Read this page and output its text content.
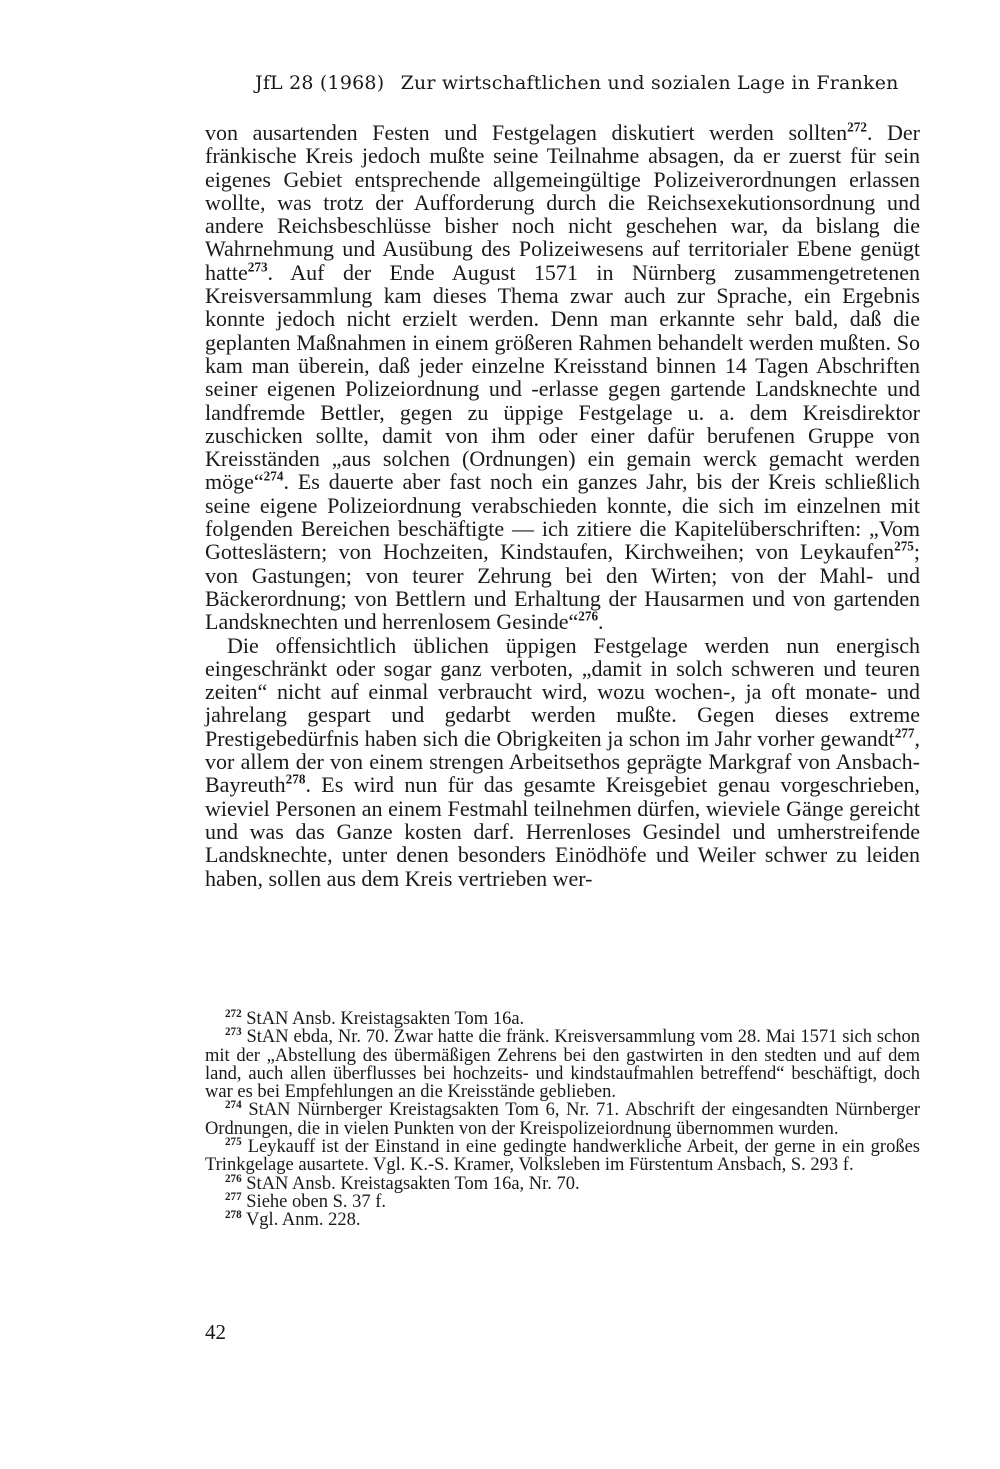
JfL 28 (1968) Zur wirtschaftlichen und sozialen Lage in Franken

von ausartenden Festen und Festgelagen diskutiert werden sollten$^{272}$. Der fränkische Kreis jedoch mußte seine Teilnahme absagen, da er zuerst für sein eigenes Gebiet entsprechende allgemeingültige Polizeiverordnungen erlassen wollte, was trotz der Aufforderung durch die Reichsexekutionsordnung und andere Reichsbeschlüsse bisher noch nicht geschehen war, da bislang die Wahrnehmung und Ausübung des Polizeiwesens auf territorialer Ebene genügt hatte$^{273}$. Auf der Ende August 1571 in Nürnberg zusammengetretenen Kreisversammlung kam dieses Thema zwar auch zur Sprache, ein Ergebnis konnte jedoch nicht erzielt werden. Denn man erkannte sehr bald, daß die geplanten Maßnahmen in einem größeren Rahmen behandelt werden mußten. So kam man überein, daß jeder einzelne Kreisstand binnen 14 Tagen Abschriften seiner eigenen Polizeiordnung und -erlasse gegen gartende Landsknechte und landfremde Bettler, gegen zu üppige Festgelage u. a. dem Kreisdirektor zuschicken sollte, damit von ihm oder einer dafür berufenen Gruppe von Kreisständen „aus solchen (Ordnungen) ein gemain werck gemacht werden möge“$^{274}$. Es dauerte aber fast noch ein ganzes Jahr, bis der Kreis schließlich seine eigene Polizeiordnung verabschieden konnte, die sich im einzelnen mit folgenden Bereichen beschäftigte — ich zitiere die Kapitelüberschriften: „Vom Gotteslästern; von Hochzeiten, Kindstaufen, Kirchweihen; von Leykaufen$^{275}$; von Gastungen; von teurer Zehrung bei den Wirten; von der Mahl- und Bäckerordnung; von Bettlern und Erhaltung der Hausarmen und von gartenden Landsknechten und herrenlosem Gesinde“$^{276}$.

Die offensichtlich üblichen üppigen Festgelage werden nun energisch eingeschränkt oder sogar ganz verboten, „damit in solch schweren und teuren zeiten“ nicht auf einmal verbraucht wird, wozu wochen-, ja oft monate- und jahrelang gespart und gedarbt werden mußte. Gegen dieses extreme Prestigebedürfnis haben sich die Obrigkeiten ja schon im Jahr vorher gewandt$^{277}$, vor allem der von einem strengen Arbeitsethos geprägte Markgraf von Ansbach-Bayreuth$^{278}$. Es wird nun für das gesamte Kreisgebiet genau vorgeschrieben, wieviel Personen an einem Festmahl teilnehmen dürfen, wieviele Gänge gereicht und was das Ganze kosten darf. Herrenloses Gesindel und umherstreifende Landsknechte, unter denen besonders Einödhöfe und Weiler schwer zu leiden haben, sollen aus dem Kreis vertrieben wer-

$^{272}$ StAN Ansb. Kreistagsakten Tom 16a.

$^{273}$ StAN ebda, Nr. 70. Zwar hatte die fränk. Kreisversammlung vom 28. Mai 1571 sich schon mit der „Abstellung des übermäßigen Zehrens bei den gastwirten in den stedten und auf dem land, auch allen überflusses bei hochzeits- und kindstaufmahlen betreffend“ beschäftigt, doch war es bei Empfehlungen an die Kreisstände geblieben.

$^{274}$ StAN Nürnberger Kreistagsakten Tom 6, Nr. 71. Abschrift der eingesandten Nürnberger Ordnungen, die in vielen Punkten von der Kreispolizeiordnung übernommen wurden.

$^{275}$ Leykauff ist der Einstand in eine gedingte handwerkliche Arbeit, der gerne in ein großes Trinkgelage ausartete. Vgl. K.-S. Kramer, Volksleben im Fürstentum Ansbach, S. 293 f.

$^{276}$ StAN Ansb. Kreistagsakten Tom 16a, Nr. 70.

$^{277}$ Siehe oben S. 37 f.

$^{278}$ Vgl. Anm. 228.

42
